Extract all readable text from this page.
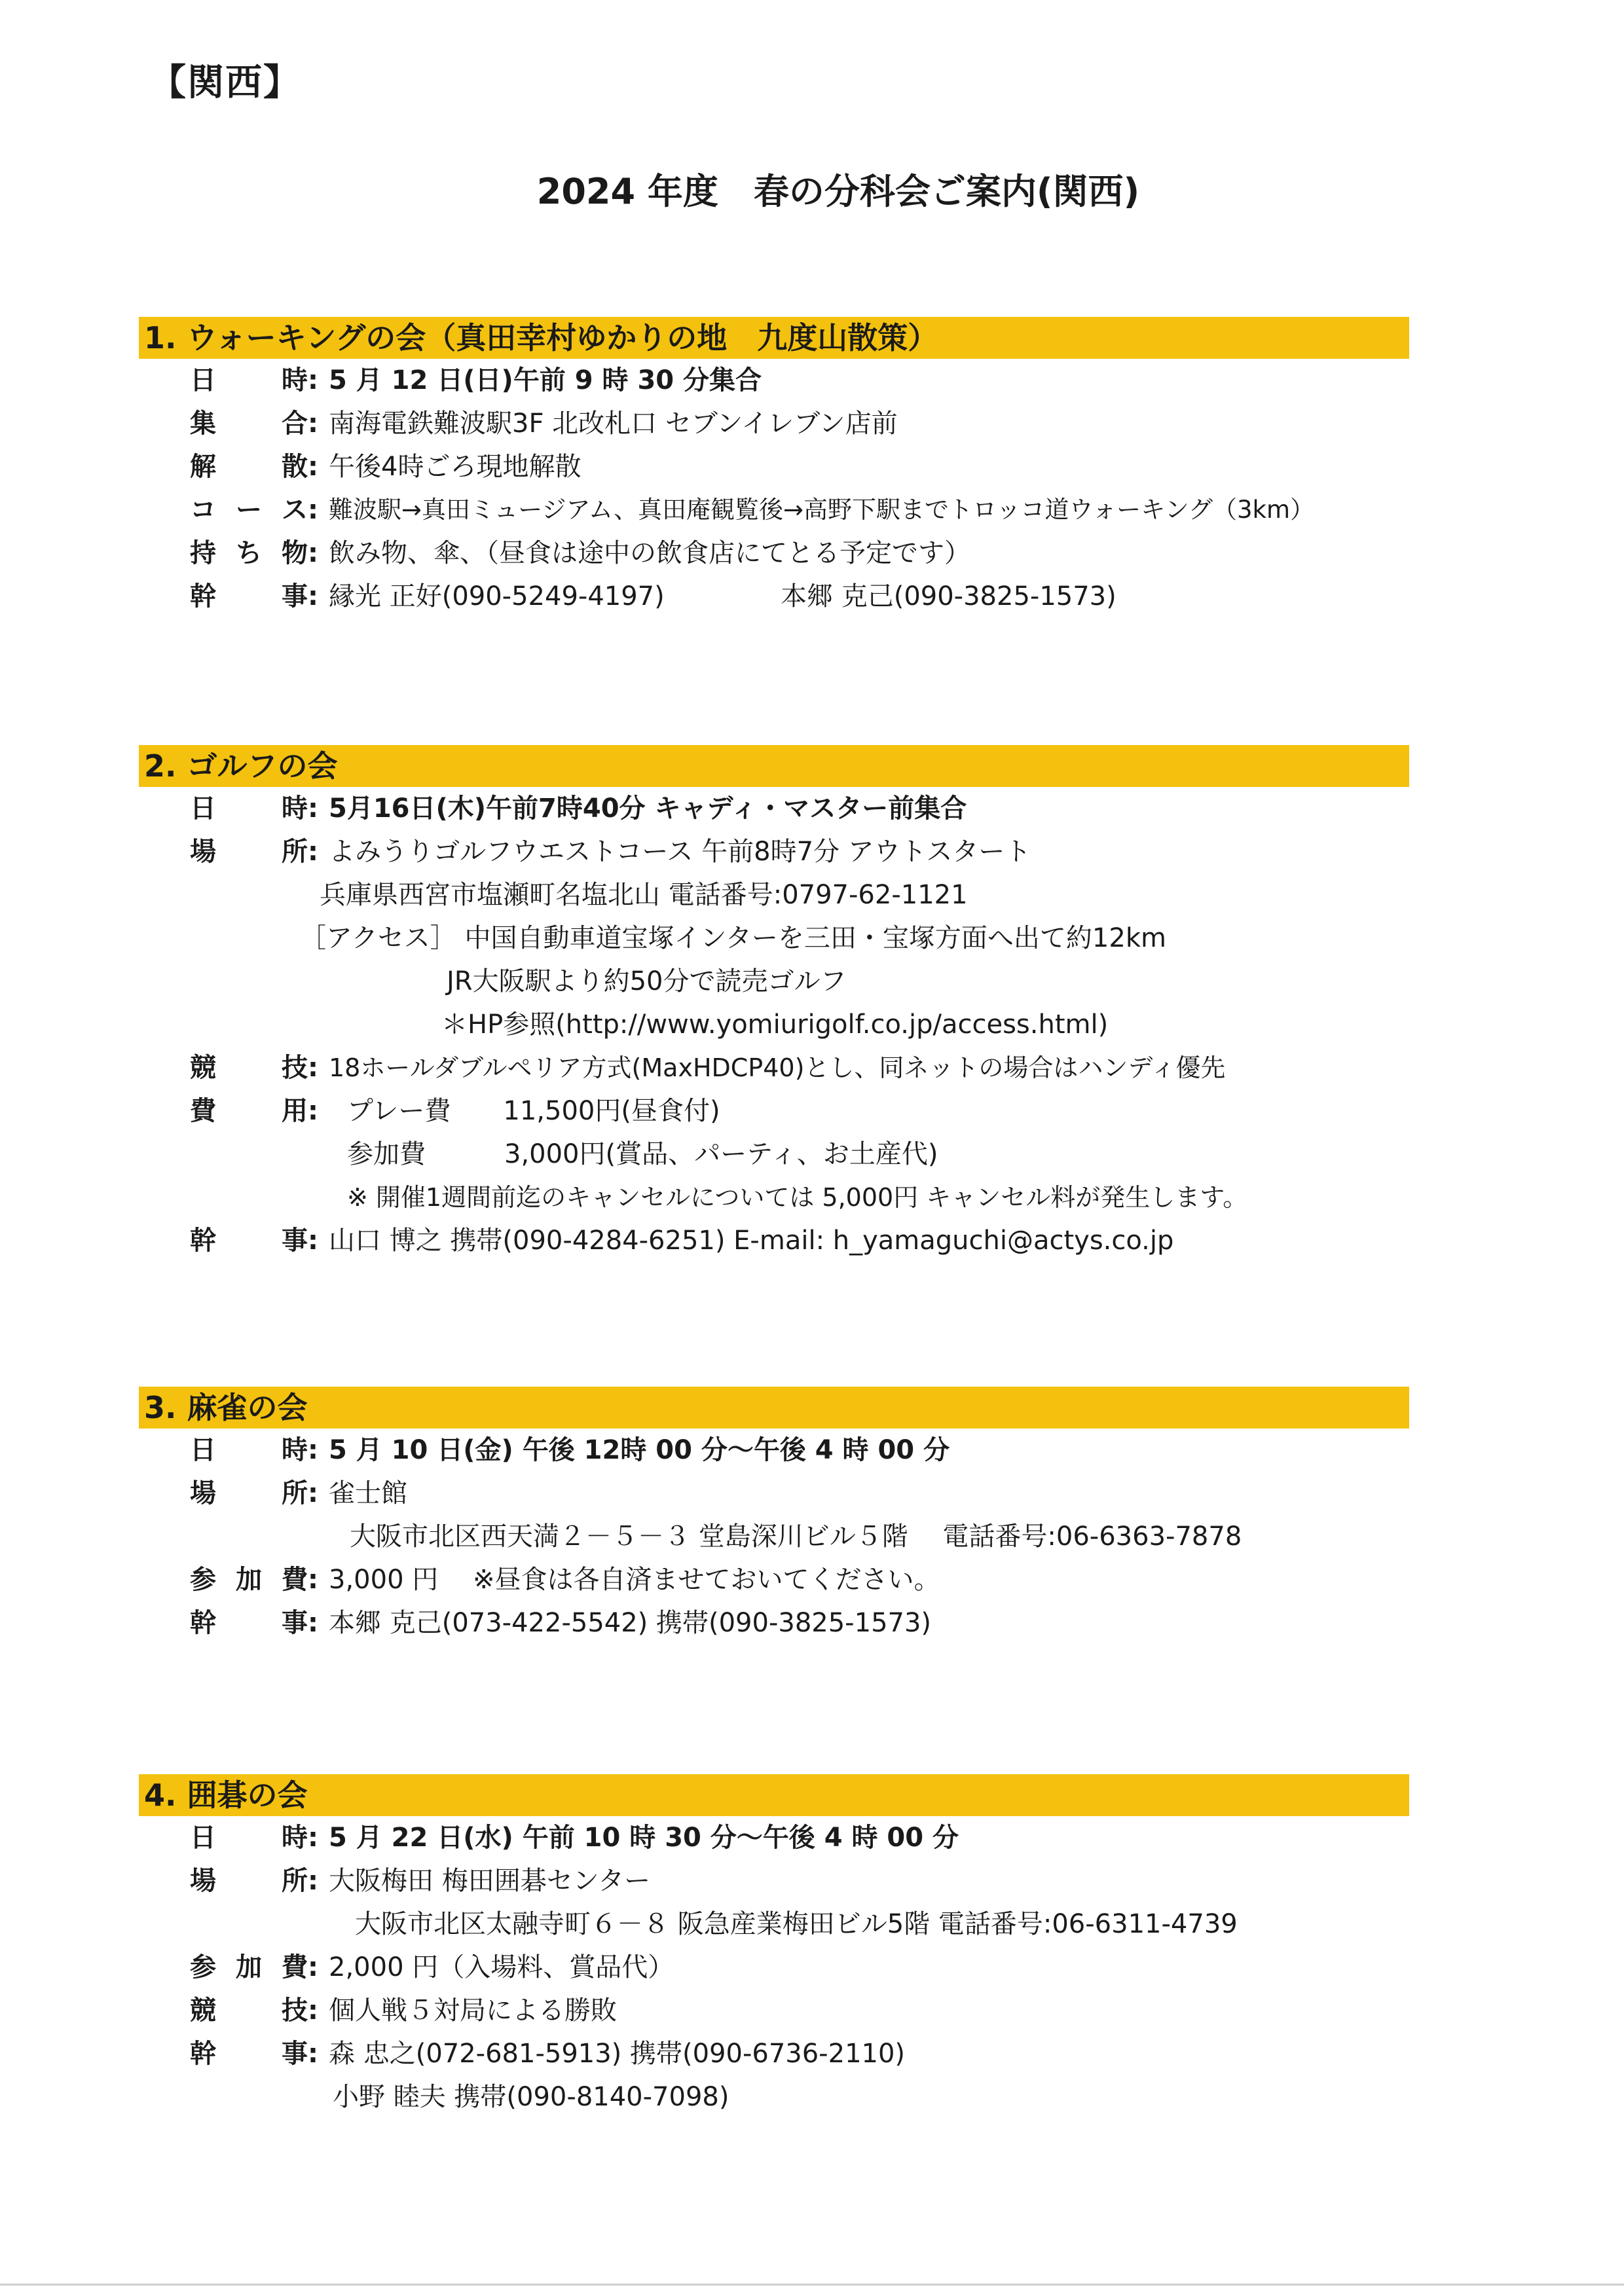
【関西】
2024 年度　春の分科会ご案内(関西)
1. ウォーキングの会（真田幸村ゆかりの地　九度山散策）
日　時 : 5 月 12 日(日)午前 9 時 30 分集合
集　合 : 南海電鉄難波駅3F 北改札口 セブンイレブン店前
解　散 : 午後4時ごろ現地解散
コ ー ス : 難波駅→真田ミュージアム、真田庵観覧後→高野下駅までトロッコ道ウォーキング（3km）
持 ち 物 : 飲み物、傘、（昼食は途中の飲食店にてとる予定です）
幹　事 : 縁光 正好(090-5249-4197)	本郷 克己(090-3825-1573)
2. ゴルフの会
日　時 : 5月16日(木)午前7時40分 キャディ・マスター前集合
場　所 : よみうりゴルフウエストコース 午前8時7分 アウトスタート
兵庫県西宮市塩瀬町名塩北山 電話番号:0797-62-1121
［アクセス］ 中国自動車道宝塚インターを三田・宝塚方面へ出て約12km
JR大阪駅より約50分で読売ゴルフ
＊HP参照(http://www.yomiurigolf.co.jp/access.html)
競　技 : 18ホールダブルペリア方式(MaxHDCP40)とし、同ネットの場合はハンディ優先
費　用 : プレー費　　11,500円(昼食付)
参加費　　　3,000円(賞品、パーティ、お土産代)
※ 開催1週間前迄のキャンセルについては 5,000円 キャンセル料が発生します。
幹　事 : 山口 博之 携帯(090-4284-6251) E-mail: h_yamaguchi@actys.co.jp
3. 麻雀の会
日　時 : 5 月 10 日(金) 午後 12時 00 分～午後 4 時 00 分
場　所 : 雀士館
大阪市北区西天満２－５－３ 堂島深川ビル５階　 電話番号:06-6363-7878
参 加 費 : 3,000 円　 ※昼食は各自済ませておいてください。
幹　事 : 本郷 克己(073-422-5542) 携帯(090-3825-1573)
4. 囲碁の会
日　時 : 5 月 22 日(水) 午前 10 時 30 分～午後 4 時 00 分
場　所 : 大阪梅田 梅田囲碁センター
大阪市北区太融寺町６－８ 阪急産業梅田ビル5階 電話番号:06-6311-4739
参 加 費 : 2,000 円（入場料、賞品代）
競　技 : 個人戦５対局による勝敗
幹　事 : 森 忠之(072-681-5913) 携帯(090-6736-2110)
小野 睦夫 携帯(090-8140-7098)
